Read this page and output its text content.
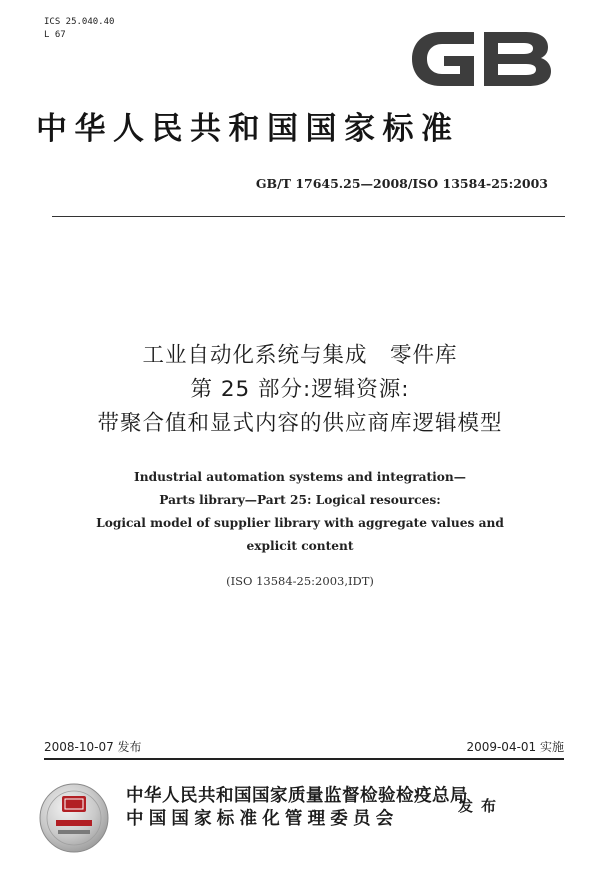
ICS 25.040.40
L 67
中华人民共和国国家标准
GB/T 17645.25—2008/ISO 13584-25:2003
工业自动化系统与集成　零件库
第 25 部分:逻辑资源:
带聚合值和显式内容的供应商库逻辑模型
Industrial automation systems and integration—
Parts library—Part 25: Logical resources:
Logical model of supplier library with aggregate values and
explicit content
(ISO 13584-25:2003,IDT)
2008-10-07 发布	2009-04-01 实施
中华人民共和国国家质量监督检验检疫总局
中国国家标准化管理委员会
发布
